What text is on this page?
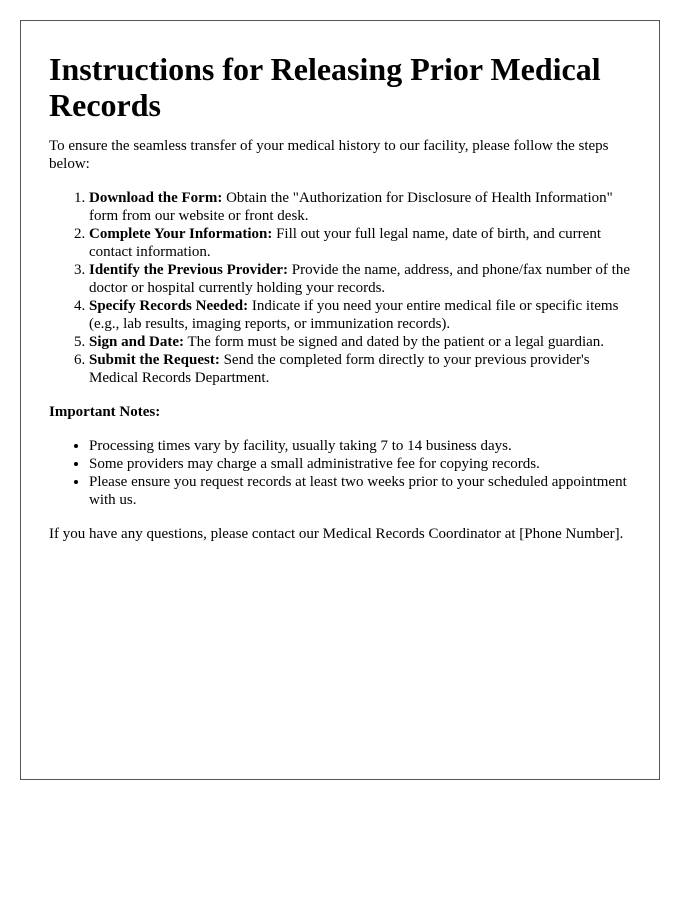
Instructions for Releasing Prior Medical Records

To ensure the seamless transfer of your medical history to our facility, please follow the steps below:

1. Download the Form: Obtain the "Authorization for Disclosure of Health Information" form from our website or front desk.
2. Complete Your Information: Fill out your full legal name, date of birth, and current contact information.
3. Identify the Previous Provider: Provide the name, address, and phone/fax number of the doctor or hospital currently holding your records.
4. Specify Records Needed: Indicate if you need your entire medical file or specific items (e.g., lab results, imaging reports, or immunization records).
5. Sign and Date: The form must be signed and dated by the patient or a legal guardian.
6. Submit the Request: Send the completed form directly to your previous provider's Medical Records Department.

Important Notes:

• Processing times vary by facility, usually taking 7 to 14 business days.
• Some providers may charge a small administrative fee for copying records.
• Please ensure you request records at least two weeks prior to your scheduled appointment with us.

If you have any questions, please contact our Medical Records Coordinator at [Phone Number].
